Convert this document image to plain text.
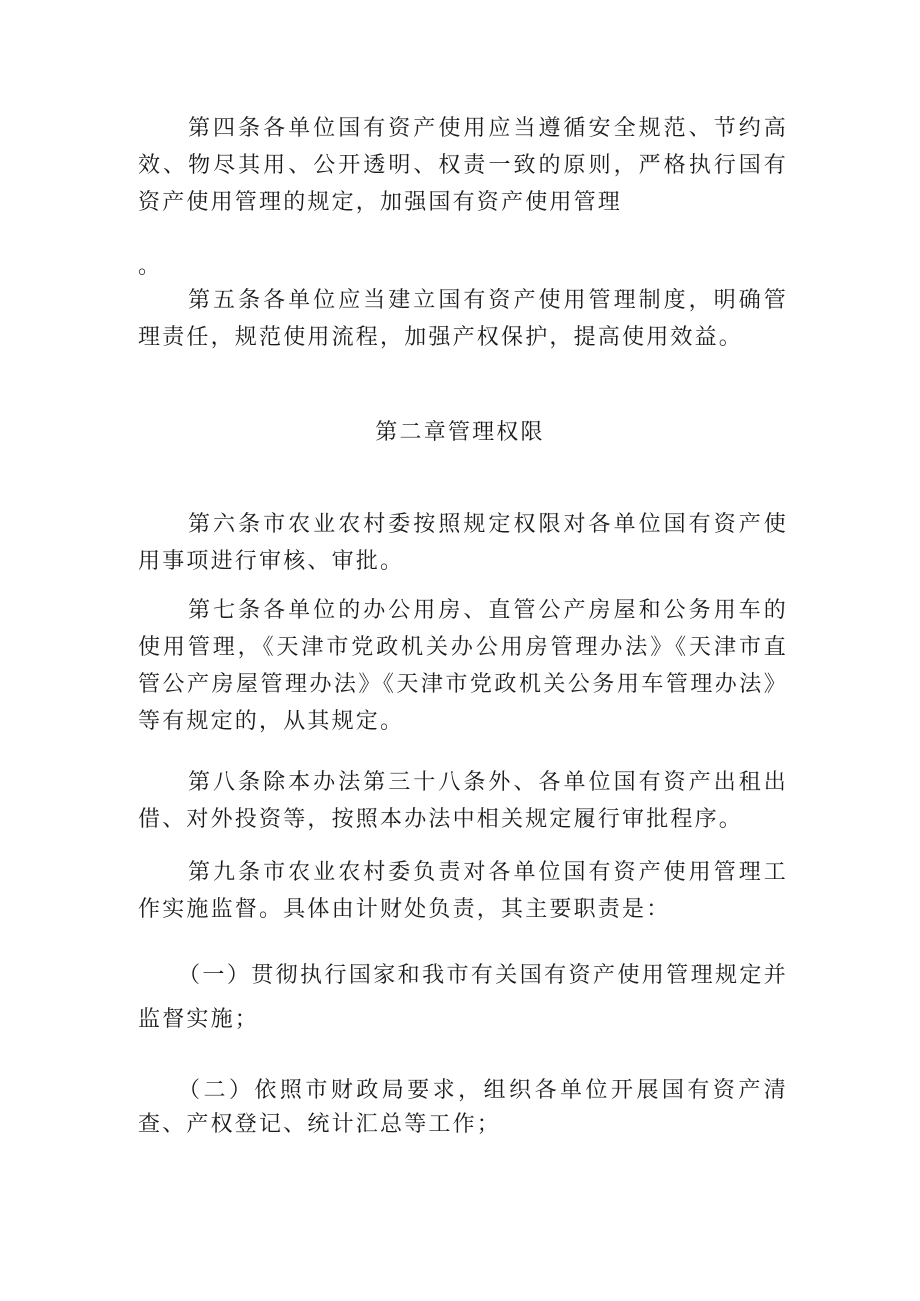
第四条各单位国有资产使用应当遵循安全规范、节约高效、物尽其用、公开透明、权责一致的原则，严格执行国有资产使用管理的规定，加强国有资产使用管理

。

第五条各单位应当建立国有资产使用管理制度，明确管理责任，规范使用流程，加强产权保护，提高使用效益。

第二章管理权限

第六条市农业农村委按照规定权限对各单位国有资产使用事项进行审核、审批。

第七条各单位的办公用房、直管公产房屋和公务用车的使用管理，《天津市党政机关办公用房管理办法》《天津市直管公产房屋管理办法》《天津市党政机关公务用车管理办法》等有规定的，从其规定。

第八条除本办法第三十八条外、各单位国有资产出租出借、对外投资等，按照本办法中相关规定履行审批程序。

第九条市农业农村委负责对各单位国有资产使用管理工作实施监督。具体由计财处负责，其主要职责是：

（一）贯彻执行国家和我市有关国有资产使用管理规定并监督实施；

（二）依照市财政局要求，组织各单位开展国有资产清查、产权登记、统计汇总等工作；
